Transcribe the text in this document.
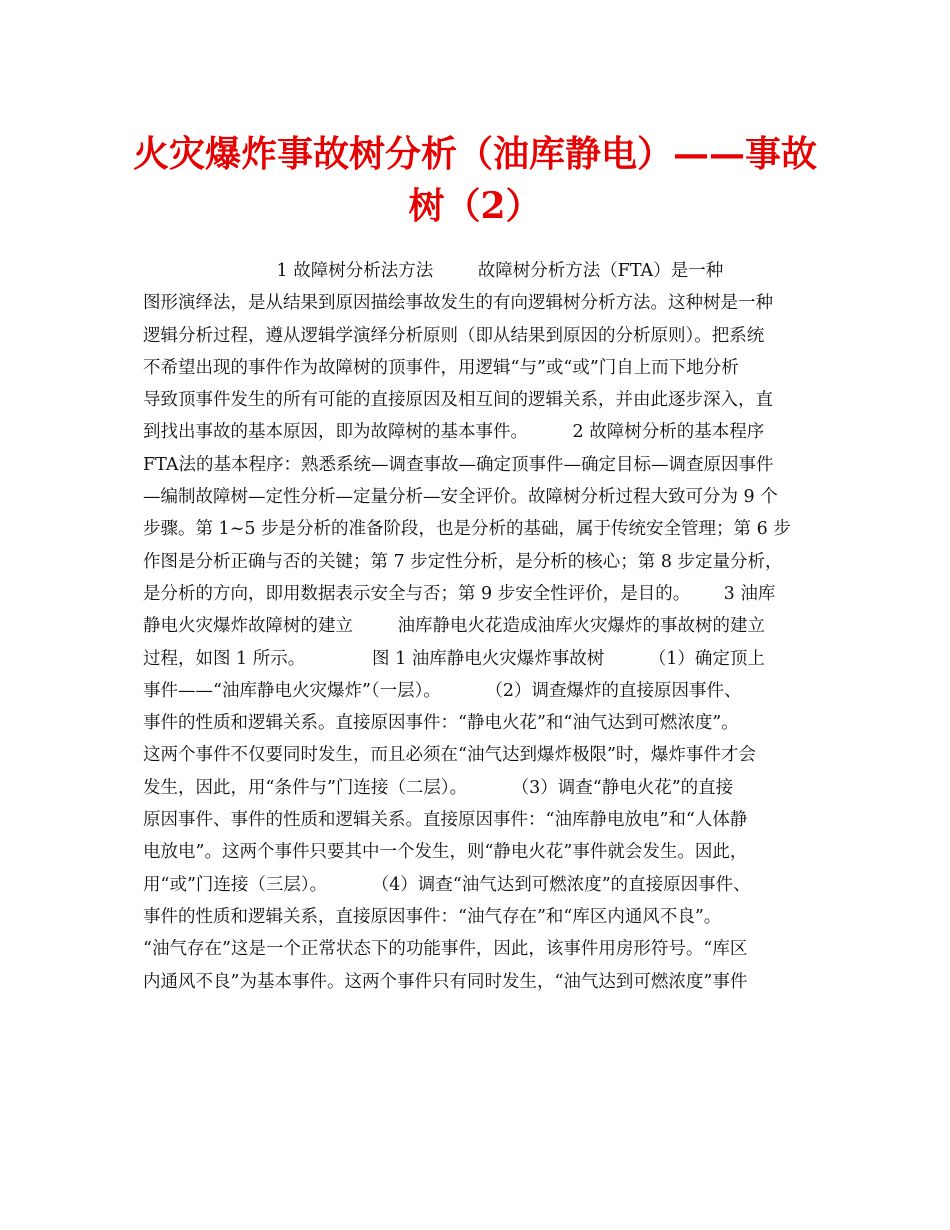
火灾爆炸事故树分析（油库静电）——事故
树（2）
1 故障树分析法方法        故障树分析方法（FTA）是一种
图形演绎法，是从结果到原因描绘事故发生的有向逻辑树分析方法。这种树是一种
逻辑分析过程，遵从逻辑学演绎分析原则（即从结果到原因的分析原则）。把系统
不希望出现的事件作为故障树的顶事件，用逻辑“与”或“或”门自上而下地分析
导致顶事件发生的所有可能的直接原因及相互间的逻辑关系，并由此逐步深入，直
到找出事故的基本原因，即为故障树的基本事件。        2 故障树分析的基本程序
FTA法的基本程序：熟悉系统—调查事故—确定顶事件—确定目标—调查原因事件
—编制故障树—定性分析—定量分析—安全评价。故障树分析过程大致可分为 9 个
步骤。第 1~5 步是分析的准备阶段，也是分析的基础，属于传统安全管理；第 6 步
作图是分析正确与否的关键；第 7 步定性分析，是分析的核心；第 8 步定量分析，
是分析的方向，即用数据表示安全与否；第 9 步安全性评价，是目的。      3 油库
静电火灾爆炸故障树的建立        油库静电火花造成油库火灾爆炸的事故树的建立
过程，如图 1 所示。            图 1 油库静电火灾爆炸事故树        （1）确定顶上
事件——“油库静电火灾爆炸”（一层）。        （2）调查爆炸的直接原因事件、
事件的性质和逻辑关系。直接原因事件：“静电火花”和“油气达到可燃浓度”。
这两个事件不仅要同时发生，而且必须在“油气达到爆炸极限”时，爆炸事件才会
发生，因此，用“条件与”门连接（二层）。        （3）调查“静电火花”的直接
原因事件、事件的性质和逻辑关系。直接原因事件：“油库静电放电”和“人体静
电放电”。这两个事件只要其中一个发生，则“静电火花”事件就会发生。因此，
用“或”门连接（三层）。        （4）调查“油气达到可燃浓度”的直接原因事件、
事件的性质和逻辑关系，直接原因事件：“油气存在”和“库区内通风不良”。
“油气存在”这是一个正常状态下的功能事件，因此，该事件用房形符号。“库区
内通风不良”为基本事件。这两个事件只有同时发生，“油气达到可燃浓度”事件
